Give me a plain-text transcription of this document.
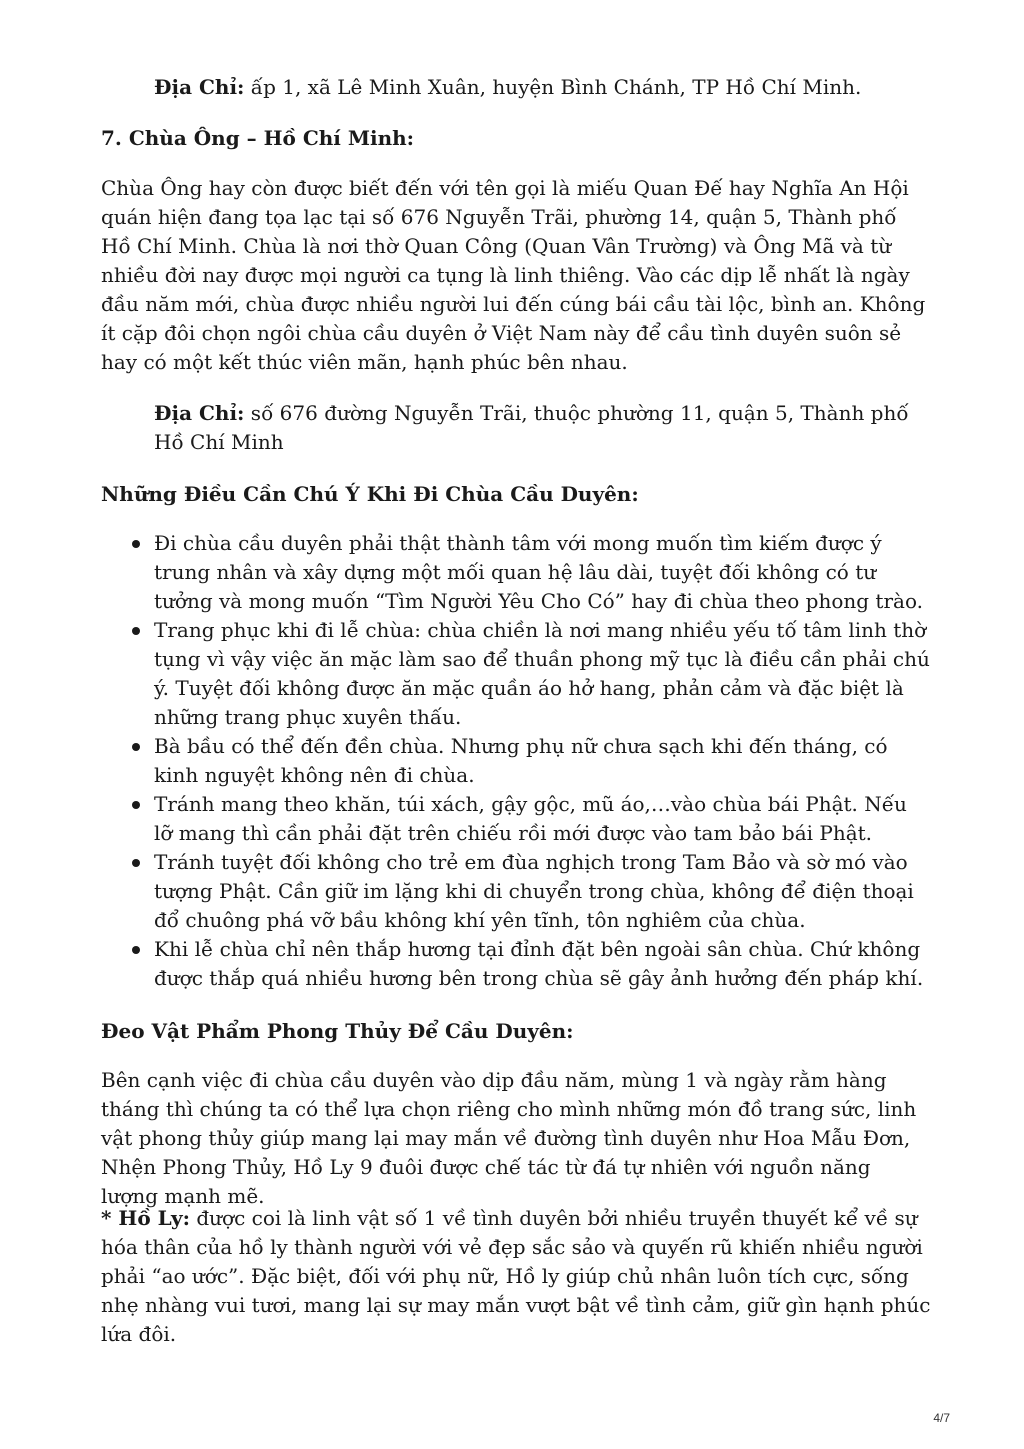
Địa Chỉ: ấp 1, xã Lê Minh Xuân, huyện Bình Chánh, TP Hồ Chí Minh.

7. Chùa Ông – Hồ Chí Minh:

Chùa Ông hay còn được biết đến với tên gọi là miếu Quan Đế hay Nghĩa An Hội quán hiện đang tọa lạc tại số 676 Nguyễn Trãi, phường 14, quận 5, Thành phố Hồ Chí Minh. Chùa là nơi thờ Quan Công (Quan Vân Trường) và Ông Mã và từ nhiều đời nay được mọi người ca tụng là linh thiêng. Vào các dịp lễ nhất là ngày đầu năm mới, chùa được nhiều người lui đến cúng bái cầu tài lộc, bình an. Không ít cặp đôi chọn ngôi chùa cầu duyên ở Việt Nam này để cầu tình duyên suôn sẻ hay có một kết thúc viên mãn, hạnh phúc bên nhau.

Địa Chỉ: số 676 đường Nguyễn Trãi, thuộc phường 11, quận 5, Thành phố Hồ Chí Minh

Những Điều Cần Chú Ý Khi Đi Chùa Cầu Duyên:

Đi chùa cầu duyên phải thật thành tâm với mong muốn tìm kiếm được ý trung nhân và xây dựng một mối quan hệ lâu dài, tuyệt đối không có tư tưởng và mong muốn “Tìm Người Yêu Cho Có” hay đi chùa theo phong trào.
Trang phục khi đi lễ chùa: chùa chiền là nơi mang nhiều yếu tố tâm linh thờ tụng vì vậy việc ăn mặc làm sao để thuần phong mỹ tục là điều cần phải chú ý. Tuyệt đối không được ăn mặc quần áo hở hang, phản cảm và đặc biệt là những trang phục xuyên thấu.
Bà bầu có thể đến đền chùa. Nhưng phụ nữ chưa sạch khi đến tháng, có kinh nguyệt không nên đi chùa.
Tránh mang theo khăn, túi xách, gậy gộc, mũ áo,…vào chùa bái Phật. Nếu lỡ mang thì cần phải đặt trên chiếu rồi mới được vào tam bảo bái Phật.
Tránh tuyệt đối không cho trẻ em đùa nghịch trong Tam Bảo và sờ mó vào tượng Phật. Cần giữ im lặng khi di chuyển trong chùa, không để điện thoại đổ chuông phá vỡ bầu không khí yên tĩnh, tôn nghiêm của chùa.
Khi lễ chùa chỉ nên thắp hương tại đỉnh đặt bên ngoài sân chùa. Chứ không được thắp quá nhiều hương bên trong chùa sẽ gây ảnh hưởng đến pháp khí.

Đeo Vật Phẩm Phong Thủy Để Cầu Duyên:

Bên cạnh việc đi chùa cầu duyên vào dịp đầu năm, mùng 1 và ngày rằm hàng tháng thì chúng ta có thể lựa chọn riêng cho mình những món đồ trang sức, linh vật phong thủy giúp mang lại may mắn về đường tình duyên như Hoa Mẫu Đơn, Nhện Phong Thủy, Hồ Ly 9 đuôi được chế tác từ đá tự nhiên với nguồn năng lượng mạnh mẽ.

* Hồ Ly: được coi là linh vật số 1 về tình duyên bởi nhiều truyền thuyết kể về sự hóa thân của hồ ly thành người với vẻ đẹp sắc sảo và quyến rũ khiến nhiều người phải “ao ước”. Đặc biệt, đối với phụ nữ, Hồ ly giúp chủ nhân luôn tích cực, sống nhẹ nhàng vui tươi, mang lại sự may mắn vượt bật về tình cảm, giữ gìn hạnh phúc lứa đôi.

4/7
